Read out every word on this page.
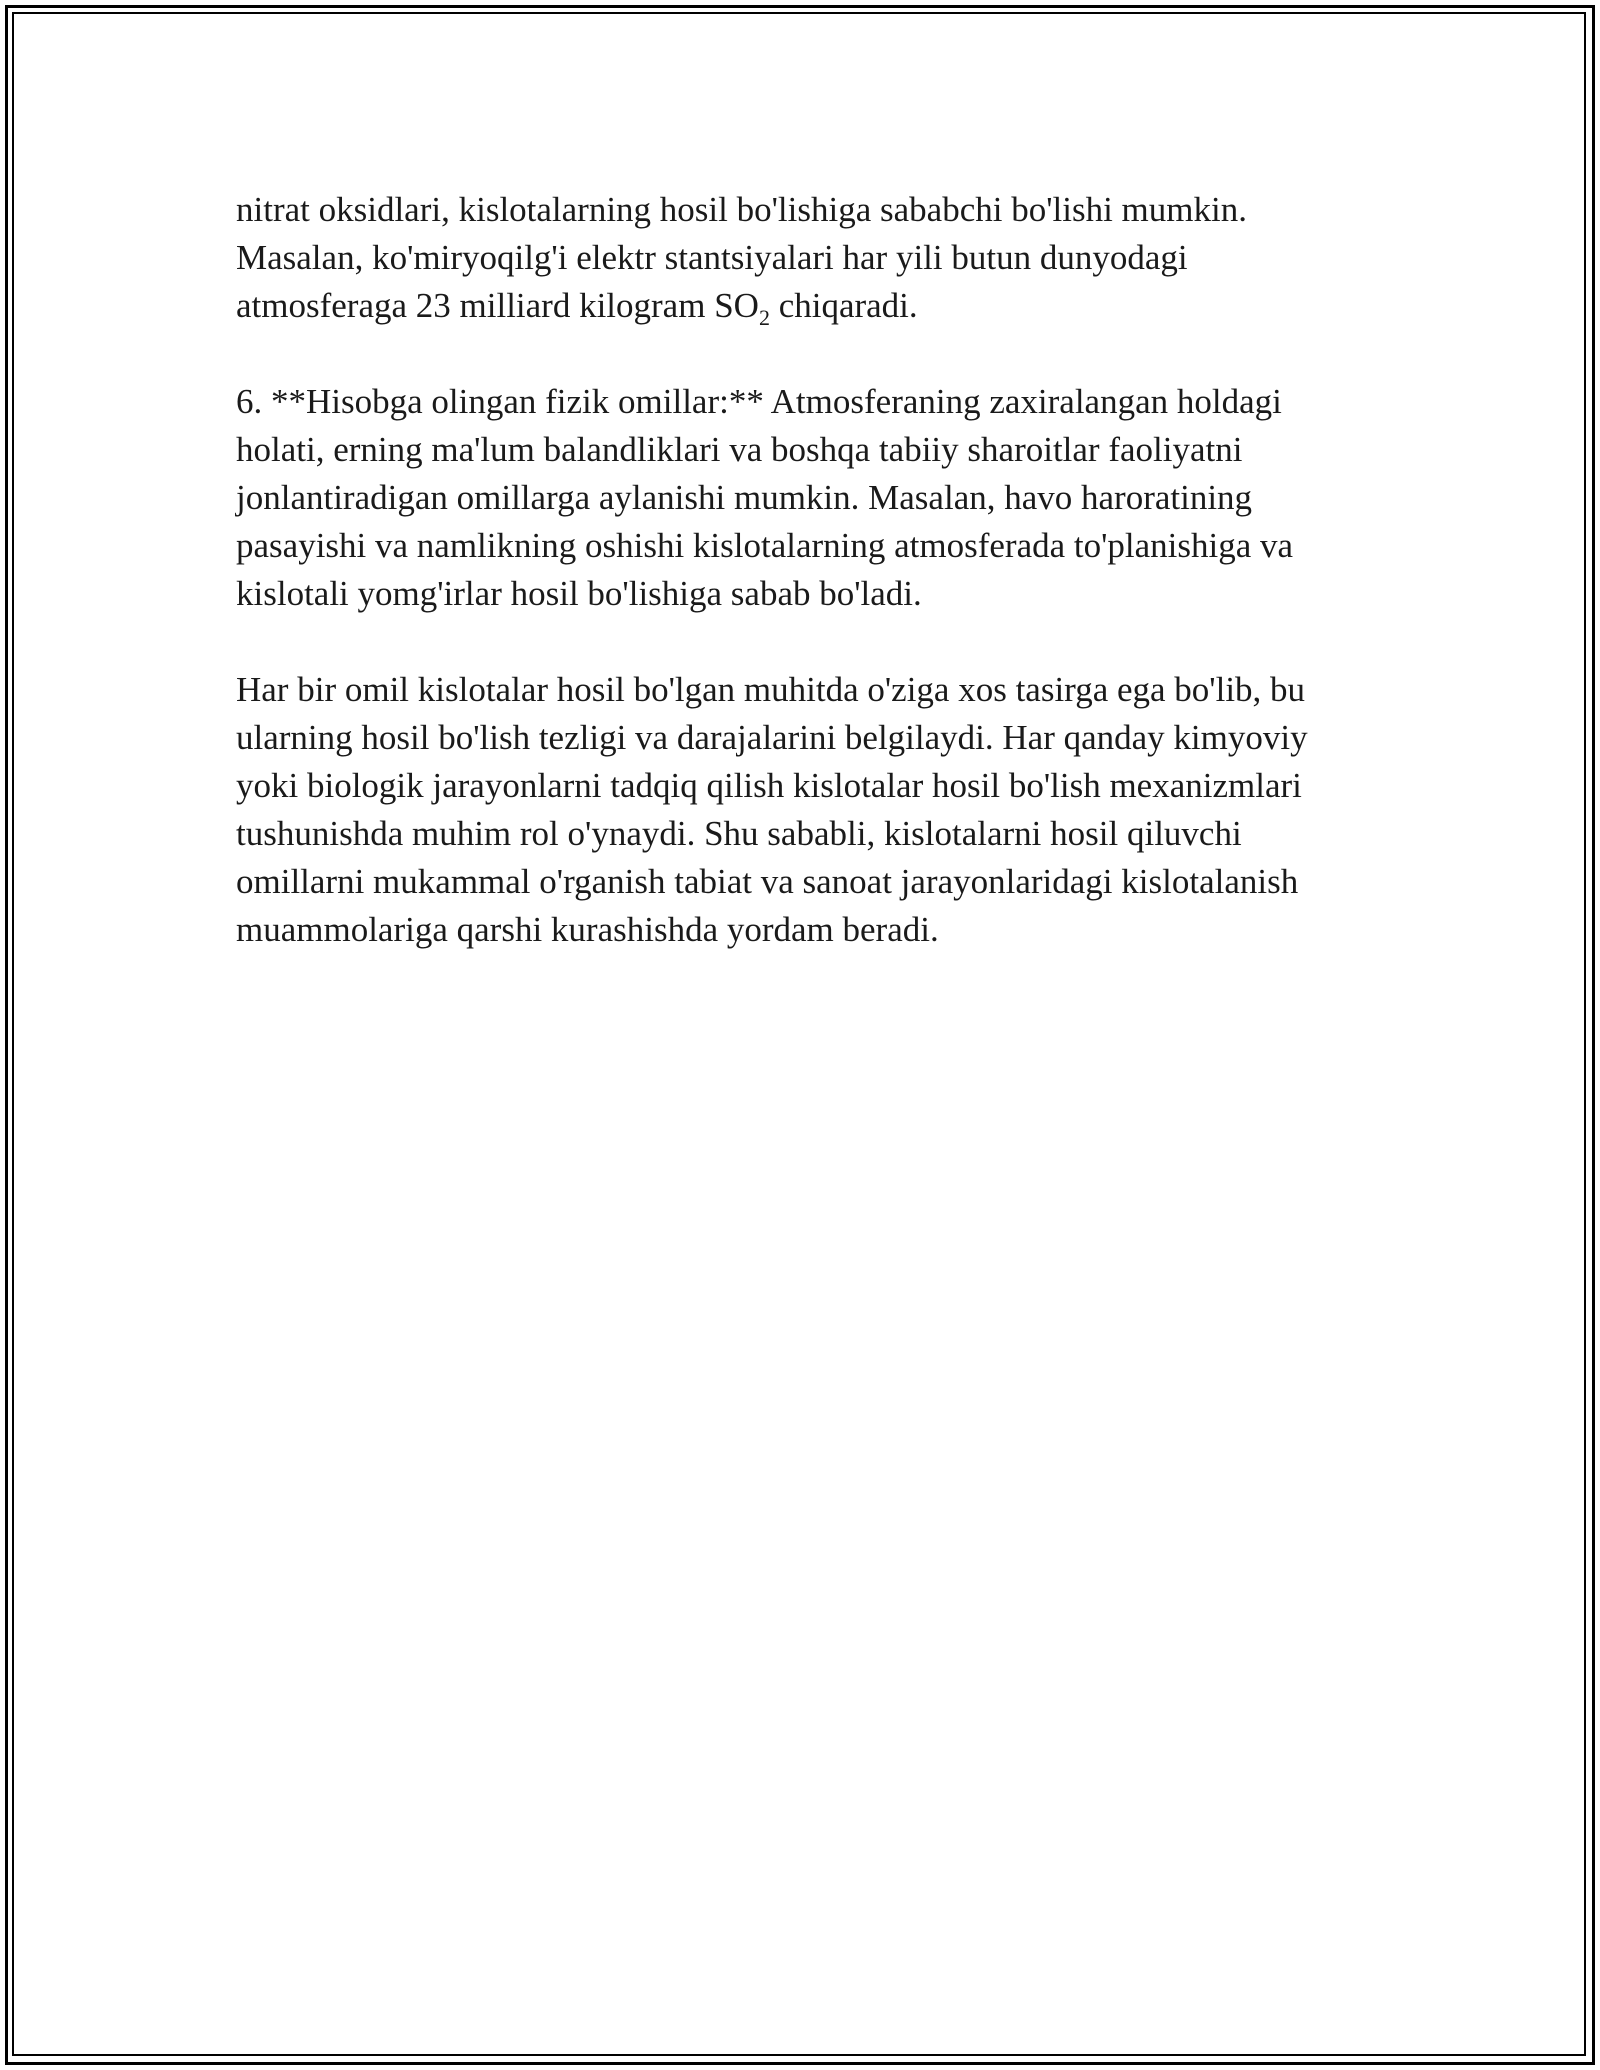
nitrat oksidlari, kislotalarning hosil bo'lishiga sababchi bo'lishi mumkin.
Masalan, ko'miryoqilg'i elektr stantsiyalari har yili butun dunyodagi
atmosferaga 23 milliard kilogram $SO_2$ chiqaradi.

6. **Hisobga olingan fizik omillar:** Atmosferaning zaxiralangan holdagi
holati, erning ma'lum balandliklari va boshqa tabiiy sharoitlar faoliyatni
jonlantiradigan omillarga aylanishi mumkin. Masalan, havo haroratining
pasayishi va namlikning oshishi kislotalarning atmosferada to'planishiga va
kislotali yomg'irlar hosil bo'lishiga sabab bo'ladi.

Har bir omil kislotalar hosil bo'lgan muhitda o'ziga xos tasirga ega bo'lib, bu
ularning hosil bo'lish tezligi va darajalarini belgilaydi. Har qanday kimyoviy
yoki biologik jarayonlarni tadqiq qilish kislotalar hosil bo'lish mexanizmlari
tushunishda muhim rol o'ynaydi. Shu sababli, kislotalarni hosil qiluvchi
omillarni mukammal o'rganish tabiat va sanoat jarayonlaridagi kislotalanish
muammolariga qarshi kurashishda yordam beradi.
